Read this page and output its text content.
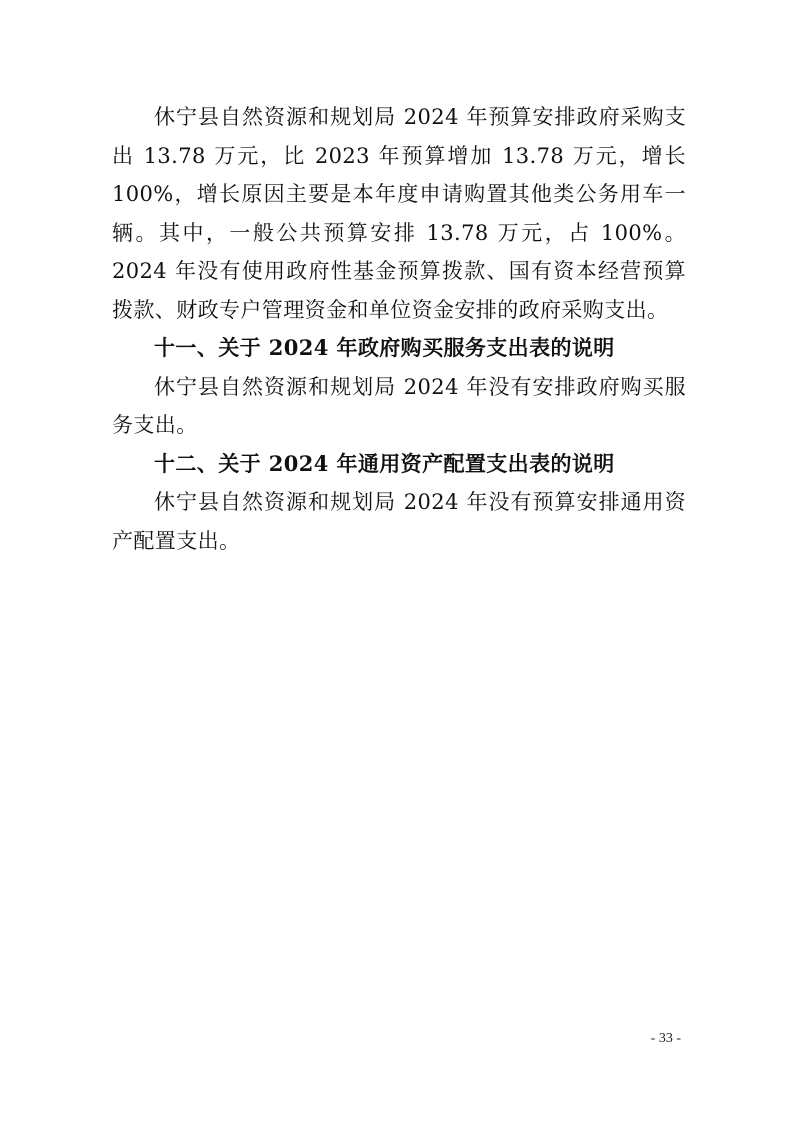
休宁县自然资源和规划局 2024 年预算安排政府采购支出 13.78 万元，比 2023 年预算增加 13.78 万元，增长 100%，增长原因主要是本年度申请购置其他类公务用车一辆。其中，一般公共预算安排 13.78 万元，占 100%。2024 年没有使用政府性基金预算拨款、国有资本经营预算拨款、财政专户管理资金和单位资金安排的政府采购支出。

十一、关于 2024 年政府购买服务支出表的说明

休宁县自然资源和规划局 2024 年没有安排政府购买服务支出。

十二、关于 2024 年通用资产配置支出表的说明

休宁县自然资源和规划局 2024 年没有预算安排通用资产配置支出。

- 33 -
